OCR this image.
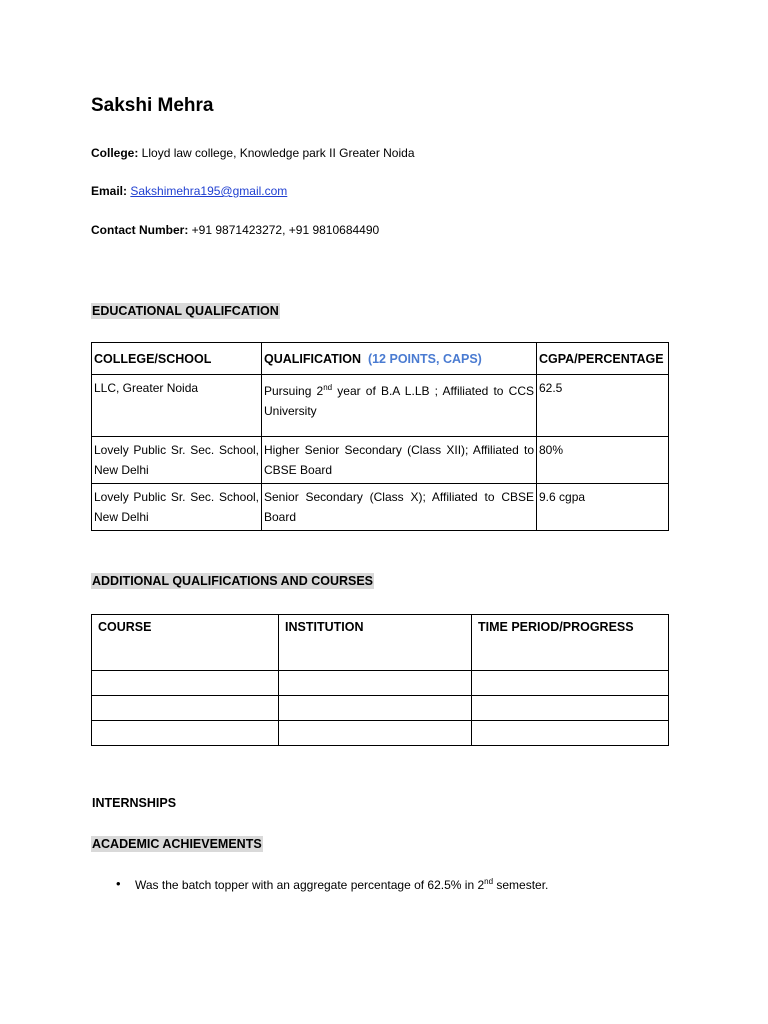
Sakshi Mehra
College: Lloyd law college, Knowledge park II Greater Noida
Email: Sakshimehra195@gmail.com
Contact Number: +91 9871423272, +91 9810684490
EDUCATIONAL QUALIFCATION
COLLEGE/SCHOOL	QUALIFICATION (12 POINTS, CAPS)	CGPA/PERCENTAGE
LLC, Greater Noida	Pursuing 2nd year of B.A L.LB ; Affiliated to CCS University	62.5
Lovely Public Sr. Sec. School, New Delhi	Higher Senior Secondary (Class XII); Affiliated to CBSE Board	80%
Lovely Public Sr. Sec. School, New Delhi	Senior Secondary (Class X); Affiliated to CBSE Board	9.6 cgpa
ADDITIONAL QUALIFICATIONS AND COURSES
COURSE	INSTITUTION	TIME PERIOD/PROGRESS

INTERNSHIPS
ACADEMIC ACHIEVEMENTS
• Was the batch topper with an aggregate percentage of 62.5% in 2nd semester.
